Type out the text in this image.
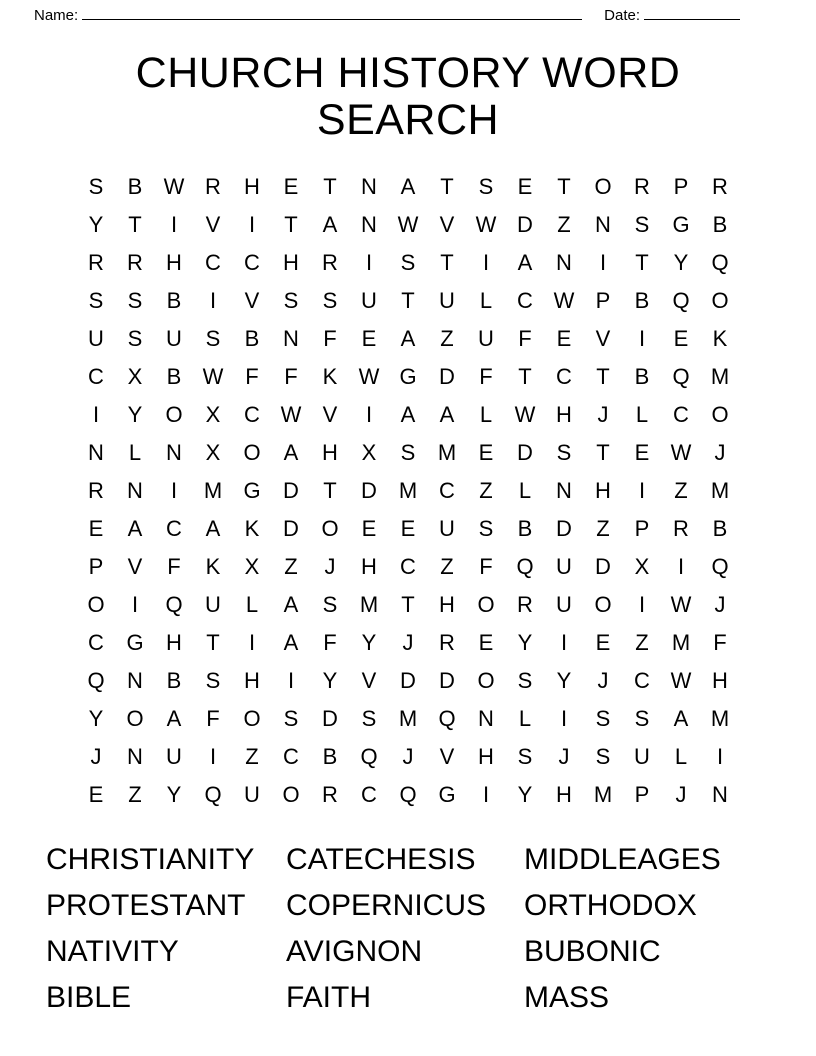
Name:	Date:
CHURCH HISTORY WORD SEARCH
S B W R H E T N A T S E T O R P R
Y T	I	V	I	T A N W V W D Z N S G B
R R H C C H R	I	S T	I	A N	I	T Y Q
S S B	I	V S S U T U	L	C W P B Q O
U S U S B N F E A Z U F E V	I	E K
C X B W F F K W G D F T C T B Q M
I	Y O X C W V	I	A A	L	W H	J	L	C O
N	L	N X O A H X S M E D S T E W	J
R N	I	M G D T D M C Z	L	N H	I	Z M
E A C A K D O E E U S B D Z P R B
P V F K X Z	J	H C Z F Q U D X	I	Q
O	I	Q U	L	A S M T H O R U O	I	W	J
C G H T	I	A F Y	J	R E Y	I	E Z M F
Q N B S H	I	Y V D D O S Y	J	C W H
Y O A F O S D S M Q N	L	I	S S A M
J	N U	I	Z C B Q	J	V H S	J	S U	L	I
E Z Y Q U O R C Q G	I	Y H M P	J	N
CHRISTIANITY
PROTESTANT
NATIVITY
BIBLE
CATECHESIS
COPERNICUS
AVIGNON
FAITH
MIDDLEAGES
ORTHODOX
BUBONIC
MASS
